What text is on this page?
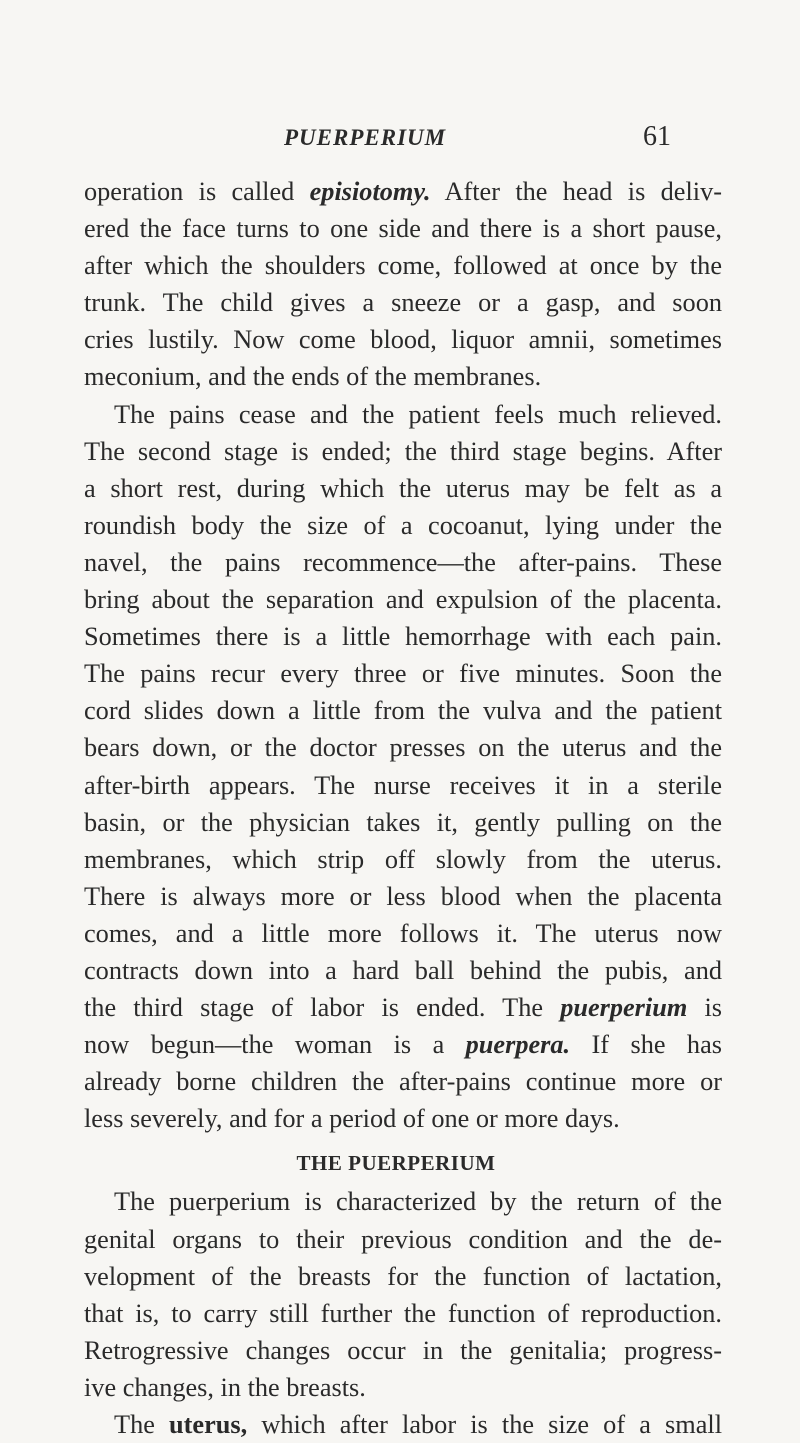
PUERPERIUM	61
operation is called episiotomy. After the head is deliv-
ered the face turns to one side and there is a short pause,
after which the shoulders come, followed at once by the
trunk. The child gives a sneeze or a gasp, and soon
cries lustily. Now come blood, liquor amnii, sometimes
meconium, and the ends of the membranes.
The pains cease and the patient feels much relieved.
The second stage is ended; the third stage begins. After
a short rest, during which the uterus may be felt as a
roundish body the size of a cocoanut, lying under the
navel, the pains recommence—the after-pains. These
bring about the separation and expulsion of the placenta.
Sometimes there is a little hemorrhage with each pain.
The pains recur every three or five minutes. Soon the
cord slides down a little from the vulva and the patient
bears down, or the doctor presses on the uterus and the
after-birth appears. The nurse receives it in a sterile
basin, or the physician takes it, gently pulling on the
membranes, which strip off slowly from the uterus.
There is always more or less blood when the placenta
comes, and a little more follows it. The uterus now
contracts down into a hard ball behind the pubis, and
the third stage of labor is ended. The puerperium is
now begun—the woman is a puerpera. If she has
already borne children the after-pains continue more or
less severely, and for a period of one or more days.
THE PUERPERIUM
The puerperium is characterized by the return of the
genital organs to their previous condition and the de-
velopment of the breasts for the function of lactation,
that is, to carry still further the function of reproduction.
Retrogressive changes occur in the genitalia; progress-
ive changes, in the breasts.
The uterus, which after labor is the size of a small
